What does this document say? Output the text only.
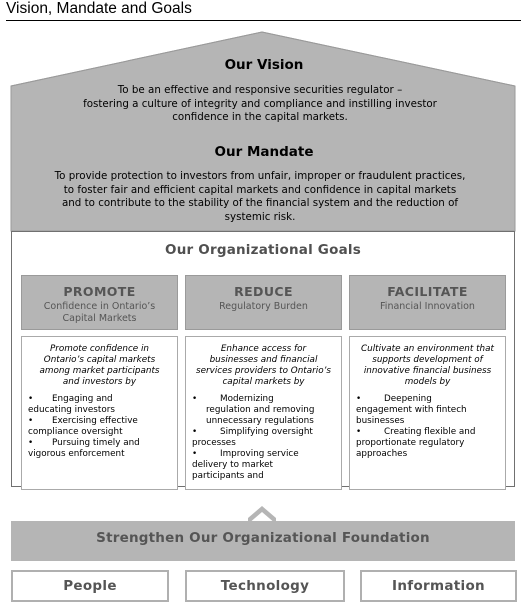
Vision, Mandate and Goals
Our Vision
To be an effective and responsive securities regulator –
fostering a culture of integrity and compliance and instilling investor
confidence in the capital markets.
Our Mandate
To provide protection to investors from unfair, improper or fraudulent practices,
to foster fair and efficient capital markets and confidence in capital markets
and to contribute to the stability of the financial system and the reduction of
systemic risk.
Our Organizational Goals
PROMOTE
Confidence in Ontario’s
Capital Markets
Promote confidence in
Ontario’s capital markets
among market participants
and investors by
• Engaging and
educating investors
• Exercising effective
compliance oversight
• Pursuing timely and
vigorous enforcement
REDUCE
Regulatory Burden
Enhance access for
businesses and financial
services providers to Ontario’s
capital markets by
• Modernizing
regulation and removing
unnecessary regulations
• Simplifying oversight
processes
• Improving service
delivery to market
participants and
FACILITATE
Financial Innovation
Cultivate an environment that
supports development of
innovative financial business
models by
• Deepening
engagement with fintech
businesses
• Creating flexible and
proportionate regulatory
approaches
Strengthen Our Organizational Foundation
People	Technology	Information
